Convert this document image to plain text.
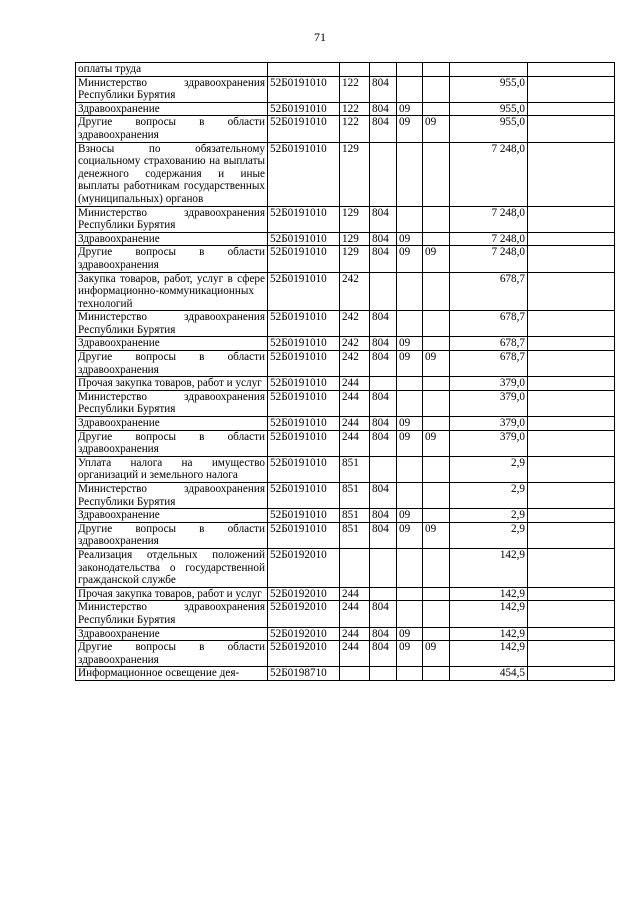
71
оплаты труда							
Министерство здравоохранения Республики Бурятия	52Б0191010	122	804			955,0	
Здравоохранение	52Б0191010	122	804	09		955,0	
Другие вопросы в области здравоохранения	52Б0191010	122	804	09	09	955,0	
Взносы по обязательному социальному страхованию на выплаты денежного содержания и иные выплаты работникам государственных (муниципальных) органов	52Б0191010	129				7 248,0	
Министерство здравоохранения Республики Бурятия	52Б0191010	129	804			7 248,0	
Здравоохранение	52Б0191010	129	804	09		7 248,0	
Другие вопросы в области здравоохранения	52Б0191010	129	804	09	09	7 248,0	
Закупка товаров, работ, услуг в сфере информационно-коммуникационных технологий	52Б0191010	242				678,7	
Министерство здравоохранения Республики Бурятия	52Б0191010	242	804			678,7	
Здравоохранение	52Б0191010	242	804	09		678,7	
Другие вопросы в области здравоохранения	52Б0191010	242	804	09	09	678,7	
Прочая закупка товаров, работ и услуг	52Б0191010	244				379,0	
Министерство здравоохранения Республики Бурятия	52Б0191010	244	804			379,0	
Здравоохранение	52Б0191010	244	804	09		379,0	
Другие вопросы в области здравоохранения	52Б0191010	244	804	09	09	379,0	
Уплата налога на имущество организаций и земельного налога	52Б0191010	851				2,9	
Министерство здравоохранения Республики Бурятия	52Б0191010	851	804			2,9	
Здравоохранение	52Б0191010	851	804	09		2,9	
Другие вопросы в области здравоохранения	52Б0191010	851	804	09	09	2,9	
Реализация отдельных положений законодательства о государственной гражданской службе	52Б0192010					142,9	
Прочая закупка товаров, работ и услуг	52Б0192010	244				142,9	
Министерство здравоохранения Республики Бурятия	52Б0192010	244	804			142,9	
Здравоохранение	52Б0192010	244	804	09		142,9	
Другие вопросы в области здравоохранения	52Б0192010	244	804	09	09	142,9	
Информационное освещение дея-	52Б0198710					454,5	
